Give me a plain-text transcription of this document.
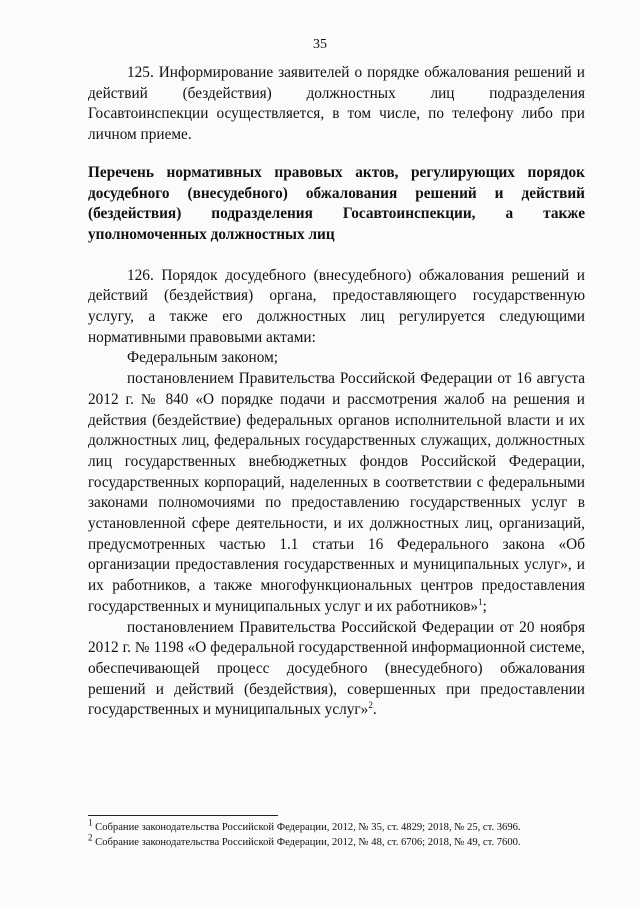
35

125. Информирование заявителей о порядке обжалования решений и действий (бездействия) должностных лиц подразделения Госавтоинспекции осуществляется, в том числе, по телефону либо при личном приеме.

Перечень нормативных правовых актов, регулирующих порядок
досудебного (внесудебного) обжалования решений и действий
(бездействия) подразделения Госавтоинспекции, а также
уполномоченных должностных лиц

126. Порядок досудебного (внесудебного) обжалования решений и действий (бездействия) органа, предоставляющего государственную услугу, а также его должностных лиц регулируется следующими нормативными правовыми актами:

Федеральным законом;

постановлением Правительства Российской Федерации от 16 августа 2012 г. № 840 «О порядке подачи и рассмотрения жалоб на решения и действия (бездействие) федеральных органов исполнительной власти и их должностных лиц, федеральных государственных служащих, должностных лиц государственных внебюджетных фондов Российской Федерации, государственных корпораций, наделенных в соответствии с федеральными законами полномочиями по предоставлению государственных услуг в установленной сфере деятельности, и их должностных лиц, организаций, предусмотренных частью 1.1 статьи 16 Федерального закона «Об организации предоставления государственных и муниципальных услуг», и их работников, а также многофункциональных центров предоставления государственных и муниципальных услуг и их работников»$^1$;

постановлением Правительства Российской Федерации от 20 ноября 2012 г. № 1198 «О федеральной государственной информационной системе, обеспечивающей процесс досудебного (внесудебного) обжалования решений и действий (бездействия), совершенных при предоставлении государственных и муниципальных услуг»$^2$.

$^1$ Собрание законодательства Российской Федерации, 2012, № 35, ст. 4829; 2018, № 25, ст. 3696.

$^2$ Собрание законодательства Российской Федерации, 2012, № 48, ст. 6706; 2018, № 49, ст. 7600.
